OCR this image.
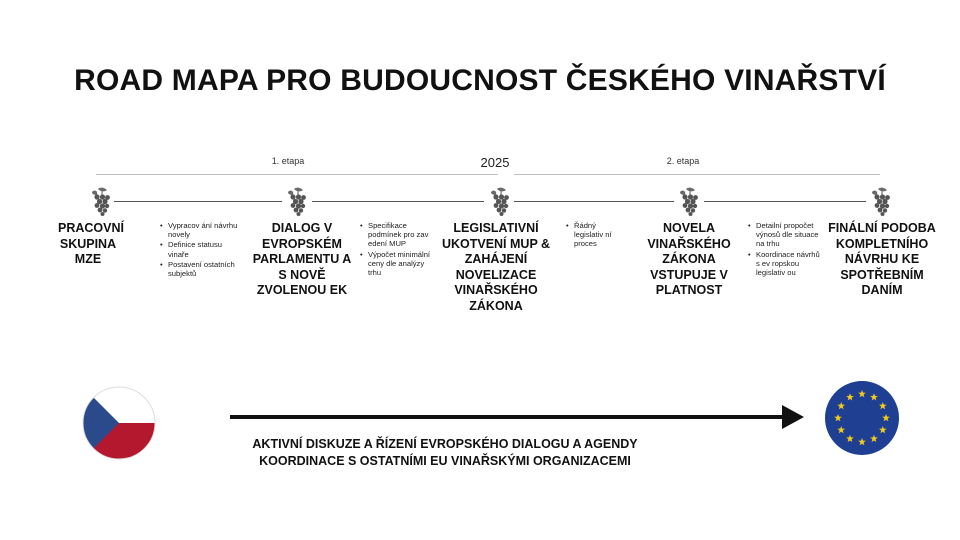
ROAD MAPA PRO BUDOUCNOST ČESKÉHO VINAŘSTVÍ
1. etapa	2025	2. etapa
PRACOVNÍ SKUPINA MZE
DIALOG V EVROPSKÉM PARLAMENTU A S NOVĚ ZVOLENOU EK
LEGISLATIVNÍ UKOTVENÍ MUP & ZAHÁJENÍ NOVELIZACE VINAŘSKÉHO ZÁKONA
NOVELA VINAŘSKÉHO ZÁKONA VSTUPUJE V PLATNOST
FINÁLNÍ PODOBA KOMPLETNÍHO NÁVRHU KE SPOTŘEBNÍM DANÍM
• Vypracov ání návrhu novely
• Definice statusu vinaře
• Postavení ostatních subjektů
• Specifikace podmínek pro zav edení MUP
• Výpočet minimální ceny dle analýzy trhu
• Řádný legislativ ní proces
• Detailní propočet výnosů dle situace na trhu
• Koordinace návrhů s ev ropskou legislativ ou
AKTIVNÍ DISKUZE A ŘÍZENÍ EVROPSKÉHO DIALOGU A AGENDY
KOORDINACE S OSTATNÍMI EU VINAŘSKÝMI ORGANIZACEMI
